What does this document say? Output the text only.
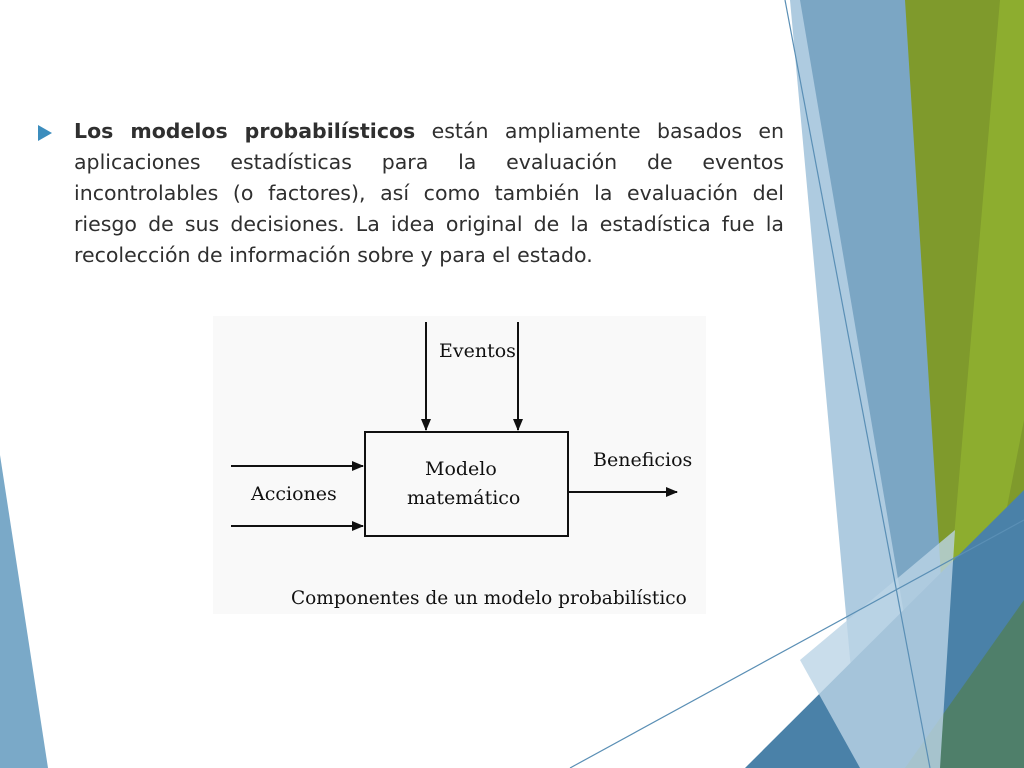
Los modelos probabilísticos están ampliamente basados en aplicaciones estadísticas para la evaluación de eventos incontrolables (o factores), así como también la evaluación del riesgo de sus decisiones. La idea original de la estadística fue la recolección de información sobre y para el estado.
Eventos
Acciones
Modelo
matemático
Beneficios
Componentes de un modelo probabilístico
